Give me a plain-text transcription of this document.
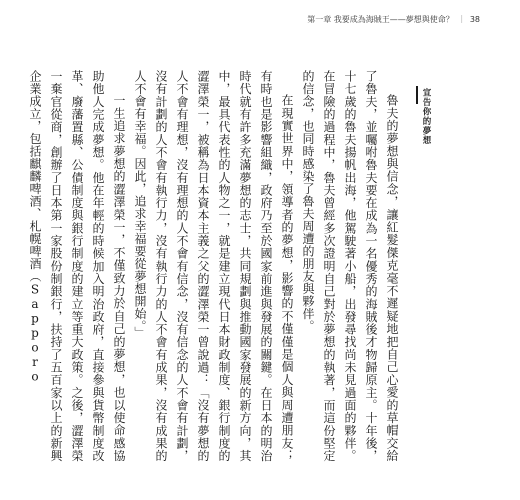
第一章 我要成為海賊王——夢想與使命？ ｜ 38
宣告你的夢想

魯夫的夢想與信念，讓紅髮傑克毫不遲疑地把自己心愛的草帽交給了魯夫，並囑咐魯夫要在成為一名優秀的海賊後才物歸原主。十年後，十七歲的魯夫揚帆出海，他駕駛著小船，出發尋找尚未見過面的夥伴。在冒險的過程中，魯夫曾經多次證明自己對於夢想的執著，而這份堅定的信念，也同時感染了魯夫周遭的朋友與夥伴。

在現實世界中，領導者的夢想，影響的不僅僅是個人與周遭朋友；有時也是影響組織，政府乃至於國家前進與發展的關鍵。在日本的明治時代就有許多充滿夢想的志士，共同規劃與推動國家發展的新方向，其中，最具代表性的人物之一，就是建立現代日本財政制度、銀行制度的澀澤榮一，被稱為日本資本主義之父的澀澤榮一曾說過：「沒有夢想的人不會有理想，沒有理想的人不會有信念，沒有信念的人不會有計劃，沒有計劃的人不會有執行力，沒有執行力的人不會有成果，沒有成果的人不會有幸福。因此，追求幸福要從夢想開始。」

一生追求夢想的澀澤榮一，不僅致力於自己的夢想，也以使命感協助他人完成夢想。他在年輕的時候加入明治政府，直接參與貨幣制度改革、廢藩置縣、公債制度與銀行制度的建立等重大政策。之後，澀澤榮一棄官從商，創辦了日本第一家股份制銀行，扶持了五百家以上的新興企業成立，包括麒麟啤酒、札幌啤酒（Sapporo
